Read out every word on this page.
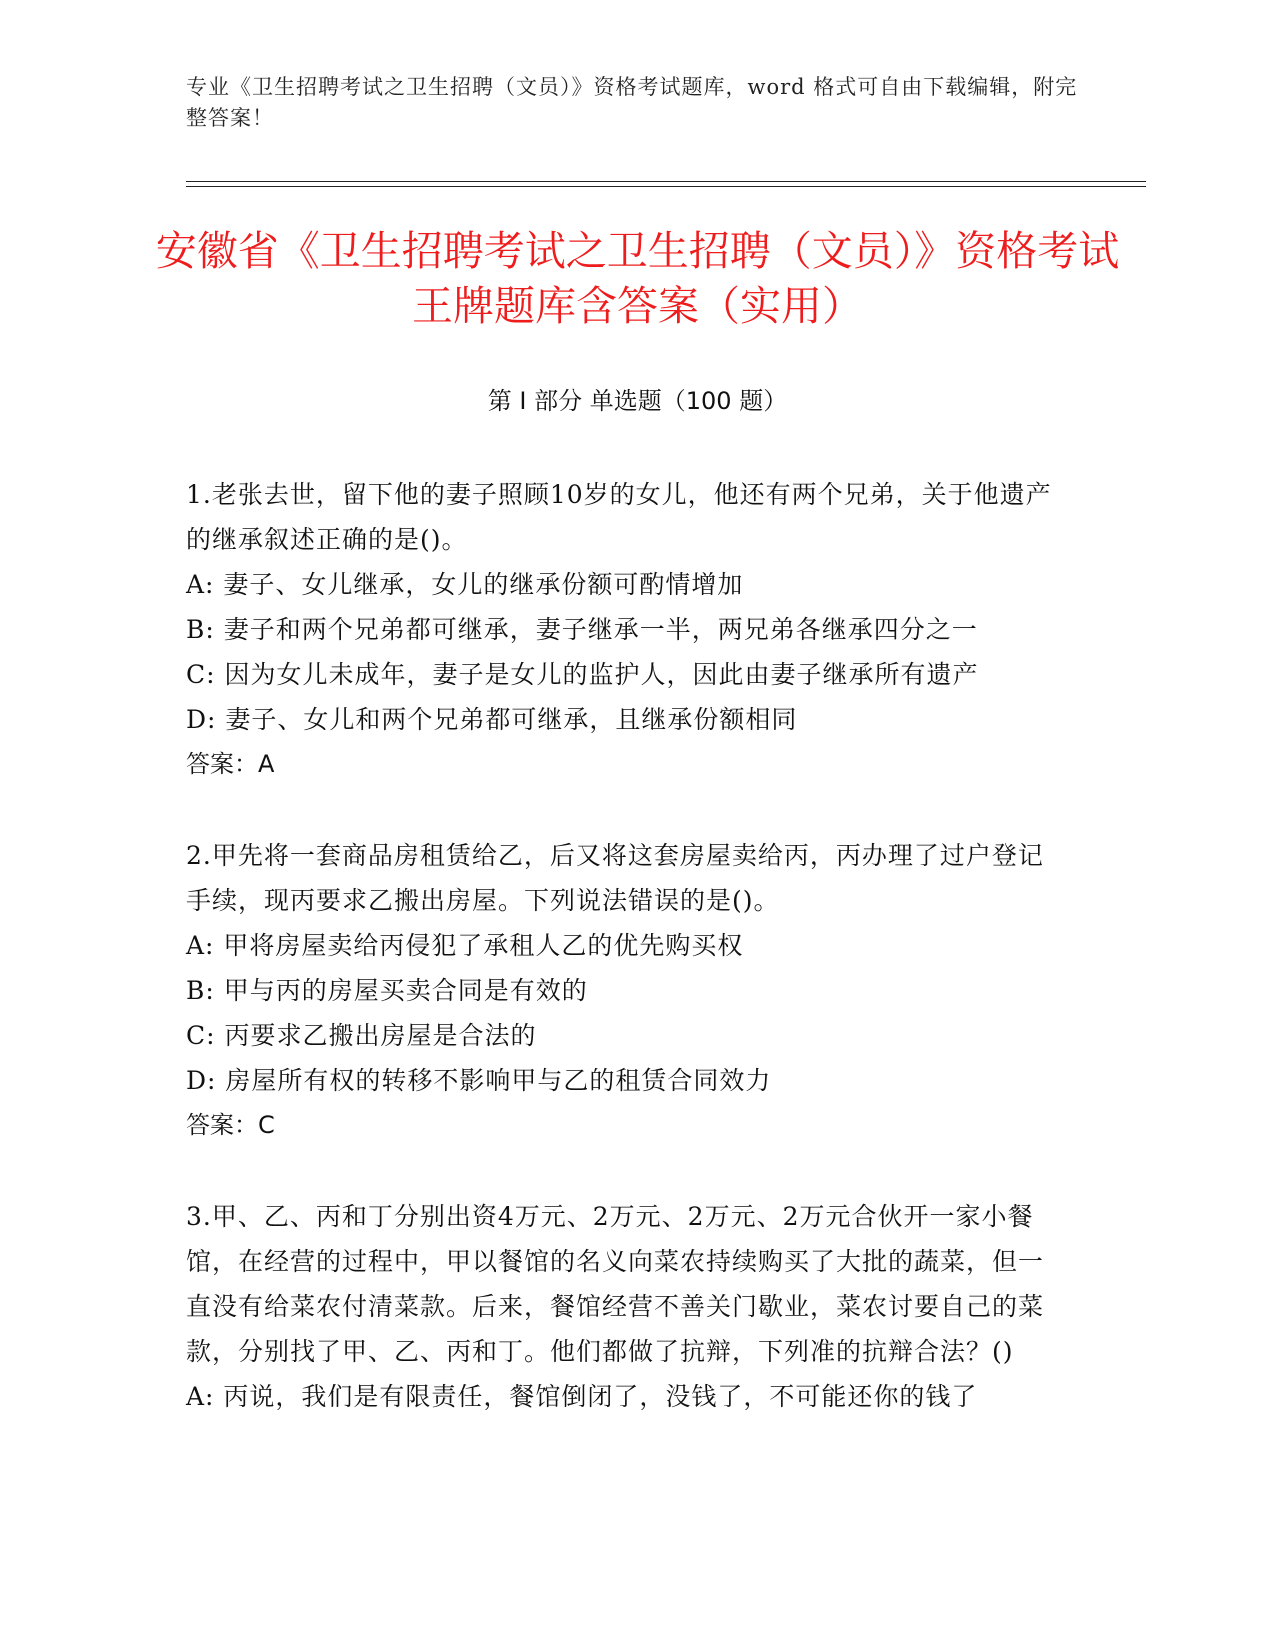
专业《卫生招聘考试之卫生招聘（文员）》资格考试题库，word 格式可自由下载编辑，附完整答案！
安徽省《卫生招聘考试之卫生招聘（文员）》资格考试王牌题库含答案（实用）
第 I 部分 单选题（100 题）

1.老张去世，留下他的妻子照顾10岁的女儿，他还有两个兄弟，关于他遗产的继承叙述正确的是()。

A: 妻子、女儿继承，女儿的继承份额可酌情增加

B: 妻子和两个兄弟都可继承，妻子继承一半，两兄弟各继承四分之一

C: 因为女儿未成年，妻子是女儿的监护人，因此由妻子继承所有遗产

D: 妻子、女儿和两个兄弟都可继承，且继承份额相同

答案：A

2.甲先将一套商品房租赁给乙，后又将这套房屋卖给丙，丙办理了过户登记手续，现丙要求乙搬出房屋。下列说法错误的是()。

A: 甲将房屋卖给丙侵犯了承租人乙的优先购买权

B: 甲与丙的房屋买卖合同是有效的

C: 丙要求乙搬出房屋是合法的

D: 房屋所有权的转移不影响甲与乙的租赁合同效力

答案：C

3.甲、乙、丙和丁分别出资4万元、2万元、2万元、2万元合伙开一家小餐馆，在经营的过程中，甲以餐馆的名义向菜农持续购买了大批的蔬菜，但一直没有给菜农付清菜款。后来，餐馆经营不善关门歇业，菜农讨要自己的菜款，分别找了甲、乙、丙和丁。他们都做了抗辩，下列准的抗辩合法？()

A: 丙说，我们是有限责任，餐馆倒闭了，没钱了，不可能还你的钱了
